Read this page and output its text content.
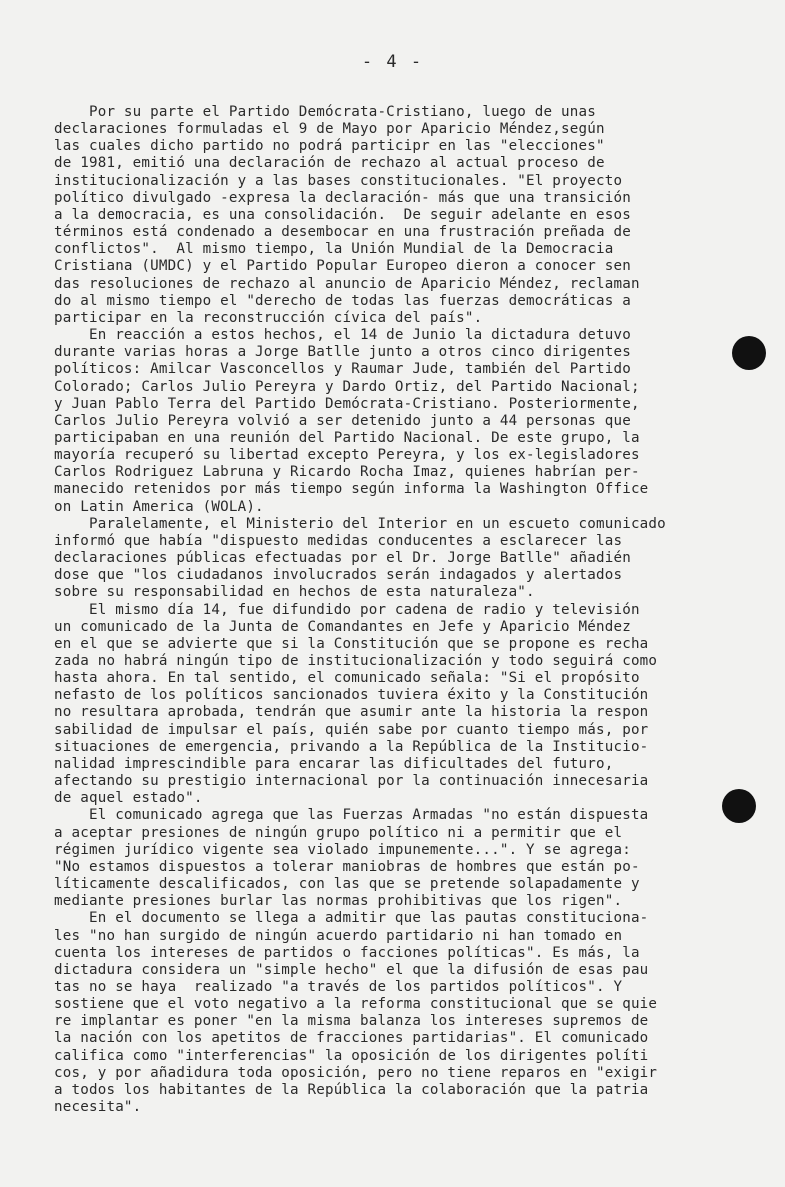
- 4 -
Por su parte el Partido Demócrata-Cristiano, luego de unas
declaraciones formuladas el 9 de Mayo por Aparicio Méndez,según
las cuales dicho partido no podrá participr en las "elecciones"
de 1981, emitió una declaración de rechazo al actual proceso de
institucionalización y a las bases constitucionales. "El proyecto
político divulgado -expresa la declaración- más que una transición
a la democracia, es una consolidación.  De seguir adelante en esos
términos está condenado a desembocar en una frustración preñada de
conflictos".  Al mismo tiempo, la Unión Mundial de la Democracia
Cristiana (UMDC) y el Partido Popular Europeo dieron a conocer sen
das resoluciones de rechazo al anuncio de Aparicio Méndez, reclaman
do al mismo tiempo el "derecho de todas las fuerzas democráticas a
participar en la reconstrucción cívica del país".
En reacción a estos hechos, el 14 de Junio la dictadura detuvo
durante varias horas a Jorge Batlle junto a otros cinco dirigentes
políticos: Amilcar Vasconcellos y Raumar Jude, también del Partido
Colorado; Carlos Julio Pereyra y Dardo Ortiz, del Partido Nacional;
y Juan Pablo Terra del Partido Demócrata-Cristiano. Posteriormente,
Carlos Julio Pereyra volvió a ser detenido junto a 44 personas que
participaban en una reunión del Partido Nacional. De este grupo, la
mayoría recuperó su libertad excepto Pereyra, y los ex-legisladores
Carlos Rodriguez Labruna y Ricardo Rocha Imaz, quienes habrían per-
manecido retenidos por más tiempo según informa la Washington Office
on Latin America (WOLA).
Paralelamente, el Ministerio del Interior en un escueto comunicado
informó que había "dispuesto medidas conducentes a esclarecer las
declaraciones públicas efectuadas por el Dr. Jorge Batlle" añadién
dose que "los ciudadanos involucrados serán indagados y alertados
sobre su responsabilidad en hechos de esta naturaleza".
El mismo día 14, fue difundido por cadena de radio y televisión
un comunicado de la Junta de Comandantes en Jefe y Aparicio Méndez
en el que se advierte que si la Constitución que se propone es recha
zada no habrá ningún tipo de institucionalización y todo seguirá como
hasta ahora. En tal sentido, el comunicado señala: "Si el propósito
nefasto de los políticos sancionados tuviera éxito y la Constitución
no resultara aprobada, tendrán que asumir ante la historia la respon
sabilidad de impulsar el país, quién sabe por cuanto tiempo más, por
situaciones de emergencia, privando a la República de la Institucio-
nalidad imprescindible para encarar las dificultades del futuro,
afectando su prestigio internacional por la continuación innecesaria
de aquel estado".
El comunicado agrega que las Fuerzas Armadas "no están dispuesta
a aceptar presiones de ningún grupo político ni a permitir que el
régimen jurídico vigente sea violado impunemente...". Y se agrega:
"No estamos dispuestos a tolerar maniobras de hombres que están po-
líticamente descalificados, con las que se pretende solapadamente y
mediante presiones burlar las normas prohibitivas que los rigen".
En el documento se llega a admitir que las pautas constituciona-
les "no han surgido de ningún acuerdo partidario ni han tomado en
cuenta los intereses de partidos o facciones políticas". Es más, la
dictadura considera un "simple hecho" el que la difusión de esas pau
tas no se haya  realizado "a través de los partidos políticos". Y
sostiene que el voto negativo a la reforma constitucional que se quie
re implantar es poner "en la misma balanza los intereses supremos de
la nación con los apetitos de fracciones partidarias". El comunicado
califica como "interferencias" la oposición de los dirigentes políti
cos, y por añadidura toda oposición, pero no tiene reparos en "exigir
a todos los habitantes de la República la colaboración que la patria
necesita".
